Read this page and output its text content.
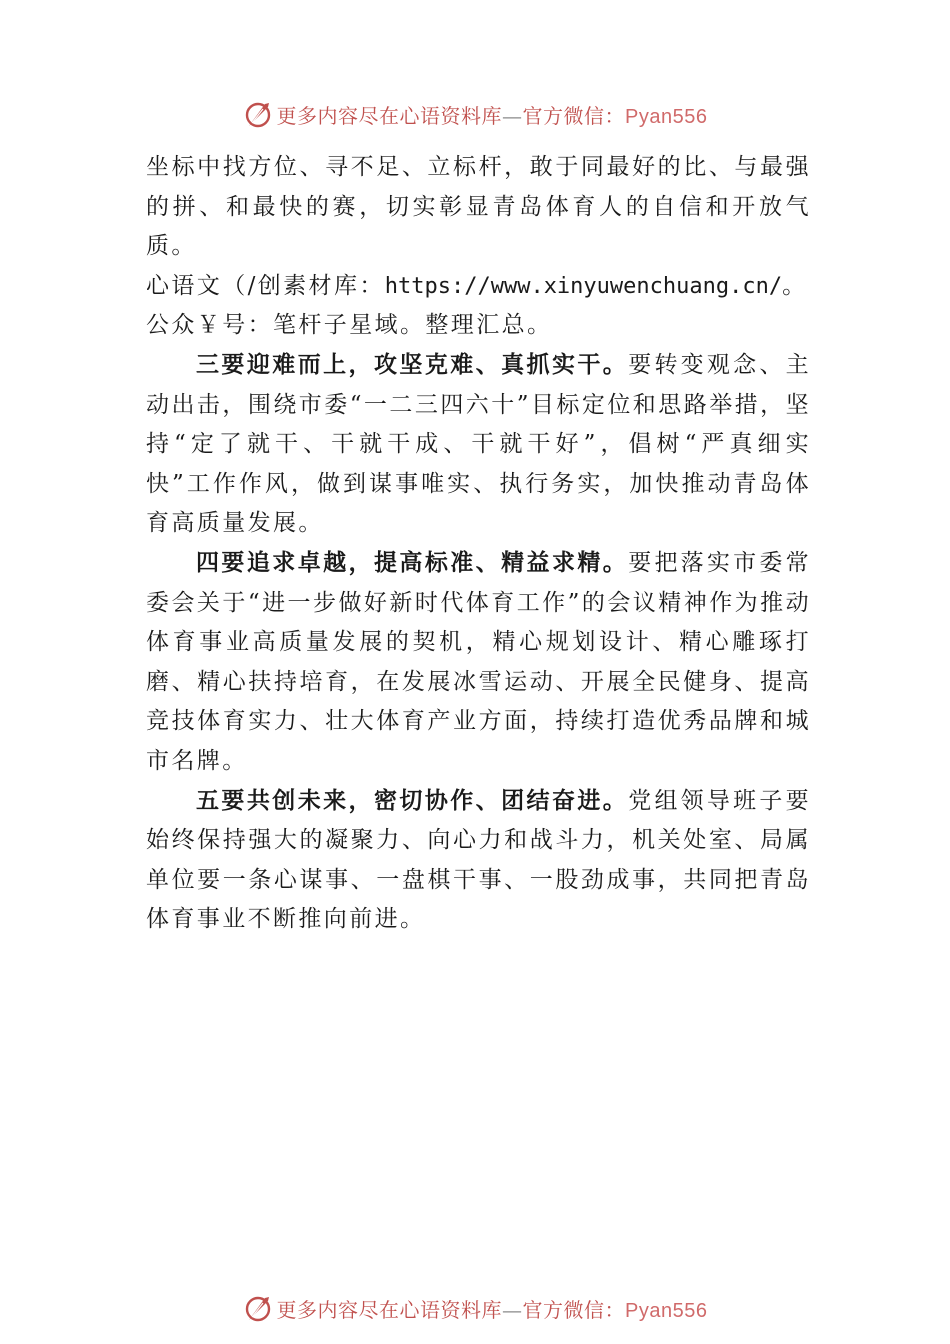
更多内容尽在心语资料库—官方微信：Pyan556

坐标中找方位、寻不足、立标杆，敢于同最好的比、与最强的拼、和最快的赛，切实彰显青岛体育人的自信和开放气质。

心语文（/创素材库：https://www.xinyuwenchuang.cn/。
公众￥号：笔杆子星域。整理汇总。

三要迎难而上，攻坚克难、真抓实干。要转变观念、主动出击，围绕市委“一二三四六十”目标定位和思路举措，坚持“定了就干、干就干成、干就干好”，倡树“严真细实快”工作作风，做到谋事唯实、执行务实，加快推动青岛体育高质量发展。

四要追求卓越，提高标准、精益求精。要把落实市委常委会关于“进一步做好新时代体育工作”的会议精神作为推动体育事业高质量发展的契机，精心规划设计、精心雕琢打磨、精心扶持培育，在发展冰雪运动、开展全民健身、提高竞技体育实力、壮大体育产业方面，持续打造优秀品牌和城市名牌。

五要共创未来，密切协作、团结奋进。党组领导班子要始终保持强大的凝聚力、向心力和战斗力，机关处室、局属单位要一条心谋事、一盘棋干事、一股劲成事，共同把青岛体育事业不断推向前进。

更多内容尽在心语资料库—官方微信：Pyan556
